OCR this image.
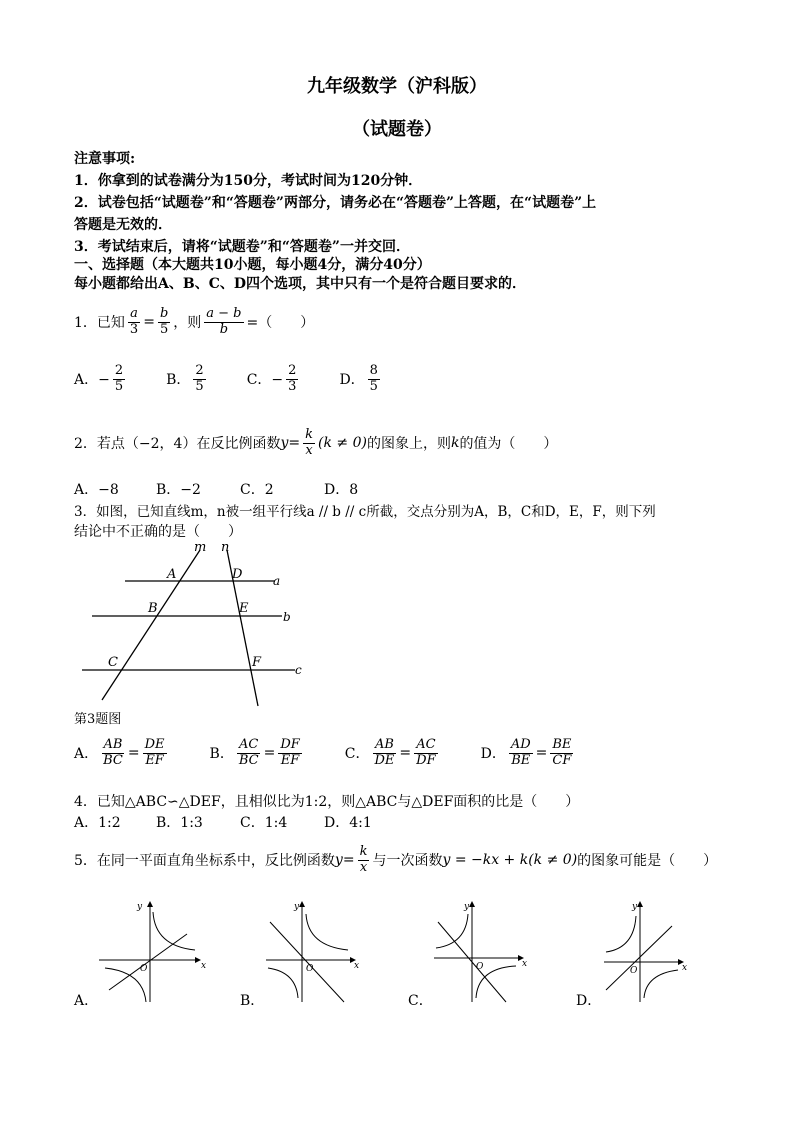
九年级数学（沪科版）
（试题卷）
注意事项:
1．你拿到的试卷满分为150分，考试时间为120分钟．
2．试卷包括“试题卷”和“答题卷”两部分，请务必在“答题卷”上答题，在“试题卷”上
答题是无效的．
3．考试结束后，请将“试题卷”和“答题卷”一并交回．
一、选择题（本大题共10小题，每小题4分，满分40分）
每小题都给出A、B、C、D四个选项，其中只有一个是符合题目要求的．
1．已知 $\frac{a}{3} = \frac{b}{5}$ ，则 $\frac{a - b}{b}$ =（　　）
A．− $\frac{2}{5}$	B． $\frac{2}{5}$	C．− $\frac{2}{3}$	D． $\frac{8}{5}$
2．若点（−2，4）在反比例函数 $y = \frac{k}{x} (k \ne 0)$ 的图象上，则 k 的值为（　　）
A．−8	B．−2	C．2	D．8
3．如图，已知直线m，n被一组平行线a // b // c所截，交点分别为A，B，C和D，E，F，则下列
结论中不正确的是（　　）
m n
A	D
B	E
C	F
a
b
c
第3题图
A． $\frac{AB}{BC} = \frac{DE}{EF}$	B． $\frac{AC}{BC} = \frac{DF}{EF}$	C． $\frac{AB}{DE} = \frac{AC}{DF}$	D． $\frac{AD}{BE} = \frac{BE}{CF}$
4．已知△ABC∽△DEF，且相似比为1:2，则△ABC与△DEF面积的比是（　　）
A．1:2	B．1:3	C．1:4	D．4:1
5．在同一平面直角坐标系中，反比例函数 $y = \frac{k}{x}$ 与一次函数 y = −kx + k(k ≠ 0) 的图象可能是（　　）
y
x
O
y
x
O
y
x
O
y
x
O
A．	B．	C．	D．
